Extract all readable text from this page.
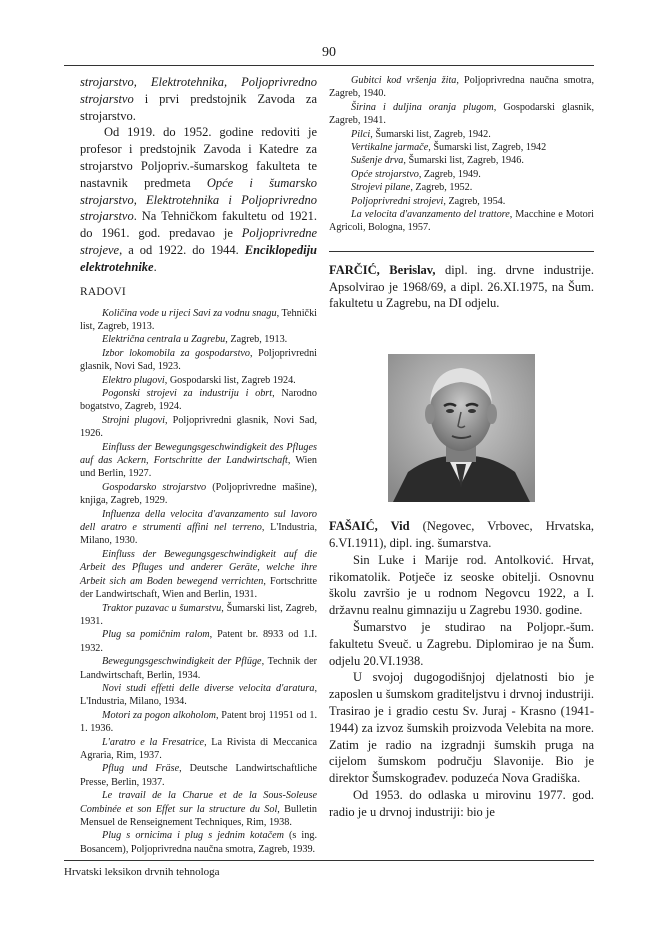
90

strojarstvo, Elektrotehnika, Poljoprivredno strojarstvo i prvi predstojnik Zavoda za strojarstvo.

Od 1919. do 1952. godine redoviti je profesor i predstojnik Zavoda i Katedre za strojarstvo Poljopriv.-šumarskog fakulteta te nastavnik predmeta Opće i šumarsko strojarstvo, Elektrotehnika i Poljoprivredno strojarstvo. Na Tehničkom fakultetu od 1921. do 1961. god. predavao je Poljoprivredne strojeve, a od 1922. do 1944. Enciklopediju elektrotehnike.

RADOVI

Količina vode u rijeci Savi za vodnu snagu, Tehnički list, Zagreb, 1913.

Električna centrala u Zagrebu, Zagreb, 1913.

Izbor lokomobila za gospodarstvo, Poljoprivredni glasnik, Novi Sad, 1923.

Elektro plugovi, Gospodarski list, Zagreb 1924.

Pogonski strojevi za industriju i obrt, Narodno bogatstvo, Zagreb, 1924.

Strojni plugovi, Poljoprivredni glasnik, Novi Sad, 1926.

Einfluss der Bewegungsgeschwindigkeit des Pfluges auf das Ackern, Fortschritte der Landwirtschaft, Wien und Berlin, 1927.

Gospodarsko strojarstvo (Poljoprivredne mašine), knjiga, Zagreb, 1929.

Influenza della velocita d'avanzamento sul lavoro dell aratro e strumenti affini nel terreno, L'Industria, Milano, 1930.

Einfluss der Bewegungsgeschwindigkeit auf die Arbeit des Pfluges und anderer Geräte, welche ihre Arbeit sich am Boden bewegend verrichten, Fortschritte der Landwirtschaft, Wien and Berlin, 1931.

Traktor puzavac u šumarstvu, Šumarski list, Zagreb, 1931.

Plug sa pomičnim ralom, Patent br. 8933 od 1.I. 1932.

Bewegungsgeschwindigkeit der Pflüge, Technik der Landwirtschaft, Berlin, 1934.

Novi studi effetti delle diverse velocita d'aratura, L'Industria, Milano, 1934.

Motori za pogon alkoholom, Patent broj 11951 od 1. 1. 1936.

L'aratro e la Fresatrice, La Rivista di Meccanica Agraria, Rim, 1937.

Pflug und Fräse, Deutsche Landwirtschaftliche Presse, Berlin, 1937.

Le travail de la Charue et de la Sous-Soleuse Combinée et son Effet sur la structure du Sol, Bulletin Mensuel de Renseignement Techniques, Rim, 1938.

Plug s ornicima i plug s jednim kotačem (s ing. Bosancem), Poljoprivredna naučna smotra, Zagreb, 1939.

Gubitci kod vršenja žita, Poljoprivredna naučna smotra, Zagreb, 1940.

Širina i duljina oranja plugom, Gospodarski glasnik, Zagreb, 1941.

Pilci, Šumarski list, Zagreb, 1942.

Vertikalne jarmače, Šumarski list, Zagreb, 1942

Sušenje drva, Šumarski list, Zagreb, 1946.

Opće strojarstvo, Zagreb, 1949.

Strojevi pilane, Zagreb, 1952.

Poljoprivredni strojevi, Zagreb, 1954.

La velocita d'avanzamento del trattore, Macchine e Motori Agricoli, Bologna, 1957.

FARČIĆ, Berislav, dipl. ing. drvne industrije. Apsolvirao je 1968/69, a dipl. 26.XI.1975, na Šum. fakultetu u Zagrebu, na DI odjelu.

FAŠAIĆ, Vid (Negovec, Vrbovec, Hrvatska, 6.VI.1911), dipl. ing. šumarstva.

Sin Luke i Marije rod. Antolković. Hrvat, rikomatolik. Potječe iz seoske obitelji. Osnovnu školu završio je u rodnom Negovcu 1922, a I. državnu realnu gimnaziju u Zagrebu 1930. godine.

Šumarstvo je studirao na Poljopr.-šum. fakultetu Sveuč. u Zagrebu. Diplomirao je na Šum. odjelu 20.VI.1938.

U svojoj dugogodišnjoj djelatnosti bio je zaposlen u šumskom graditeljstvu i drvnoj industriji. Trasirao je i gradio cestu Sv. Juraj - Krasno (1941-1944) za izvoz šumskih proizvoda Velebita na more. Zatim je radio na izgradnji šumskih pruga na cijelom šumskom području Slavonije. Bio je direktor Šumskograđev. poduzeća Nova Gradiška.

Od 1953. do odlaska u mirovinu 1977. god. radio je u drvnoj industriji: bio je

Hrvatski leksikon drvnih tehnologa
